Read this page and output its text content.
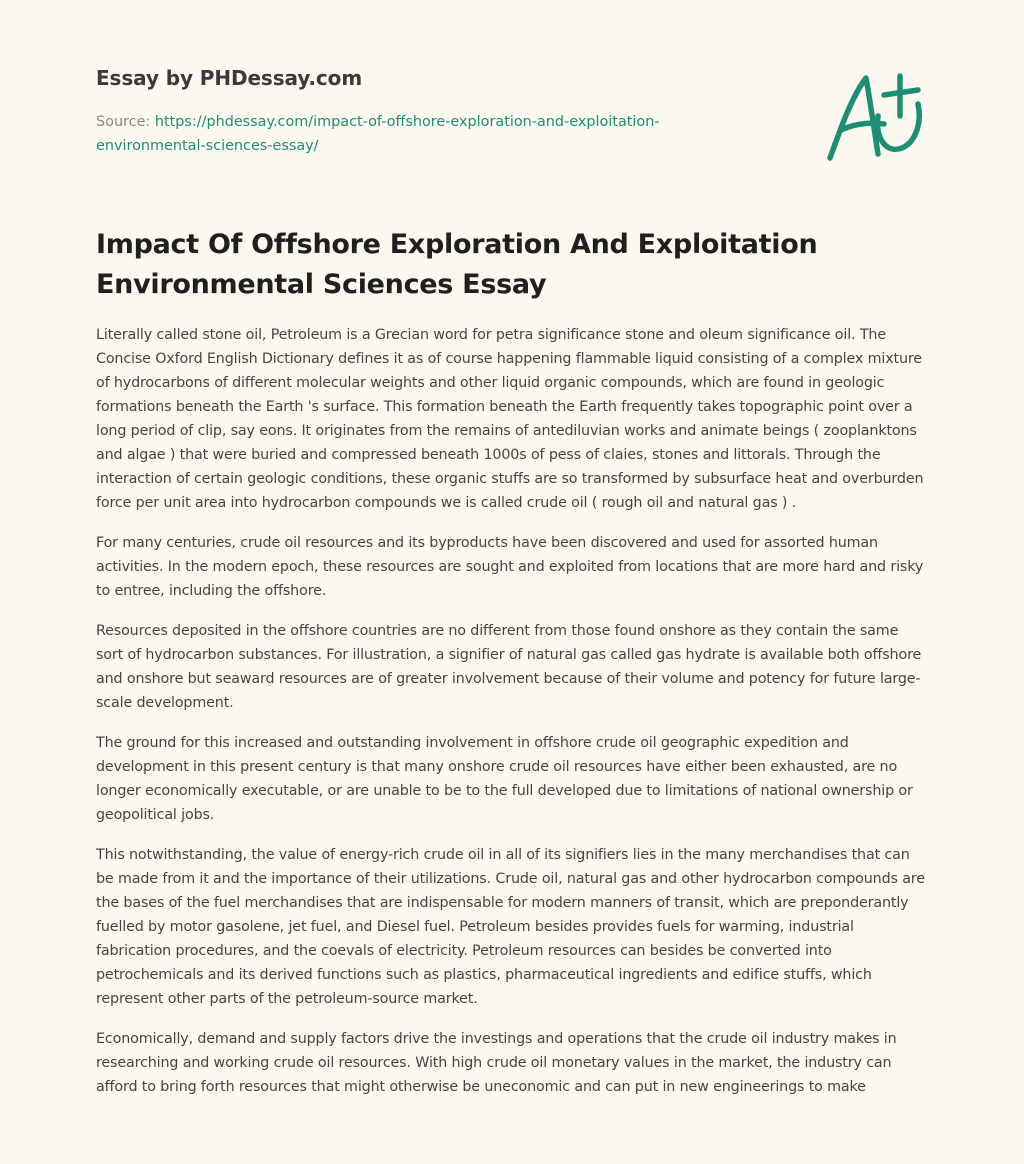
Essay by PHDessay.com
Source: https://phdessay.com/impact-of-offshore-exploration-and-exploitation-
environmental-sciences-essay/
Impact Of Offshore Exploration And Exploitation Environmental Sciences Essay

Literally called stone oil, Petroleum is a Grecian word for petra significance stone and oleum significance oil. The Concise Oxford English Dictionary defines it as of course happening flammable liquid consisting of a complex mixture of hydrocarbons of different molecular weights and other liquid organic compounds, which are found in geologic formations beneath the Earth 's surface. This formation beneath the Earth frequently takes topographic point over a long period of clip, say eons. It originates from the remains of antediluvian works and animate beings ( zooplanktons and algae ) that were buried and compressed beneath 1000s of pess of claies, stones and littorals. Through the interaction of certain geologic conditions, these organic stuffs are so transformed by subsurface heat and overburden force per unit area into hydrocarbon compounds we is called crude oil ( rough oil and natural gas ) .

For many centuries, crude oil resources and its byproducts have been discovered and used for assorted human activities. In the modern epoch, these resources are sought and exploited from locations that are more hard and risky to entree, including the offshore.

Resources deposited in the offshore countries are no different from those found onshore as they contain the same sort of hydrocarbon substances. For illustration, a signifier of natural gas called gas hydrate is available both offshore and onshore but seaward resources are of greater involvement because of their volume and potency for future large-scale development.

The ground for this increased and outstanding involvement in offshore crude oil geographic expedition and development in this present century is that many onshore crude oil resources have either been exhausted, are no longer economically executable, or are unable to be to the full developed due to limitations of national ownership or geopolitical jobs.

This notwithstanding, the value of energy-rich crude oil in all of its signifiers lies in the many merchandises that can be made from it and the importance of their utilizations. Crude oil, natural gas and other hydrocarbon compounds are the bases of the fuel merchandises that are indispensable for modern manners of transit, which are preponderantly fuelled by motor gasolene, jet fuel, and Diesel fuel. Petroleum besides provides fuels for warming, industrial fabrication procedures, and the coevals of electricity. Petroleum resources can besides be converted into petrochemicals and its derived functions such as plastics, pharmaceutical ingredients and edifice stuffs, which represent other parts of the petroleum-source market.

Economically, demand and supply factors drive the investings and operations that the crude oil industry makes in researching and working crude oil resources. With high crude oil monetary values in the market, the industry can afford to bring forth resources that might otherwise be uneconomic and can put in new engineerings to make
